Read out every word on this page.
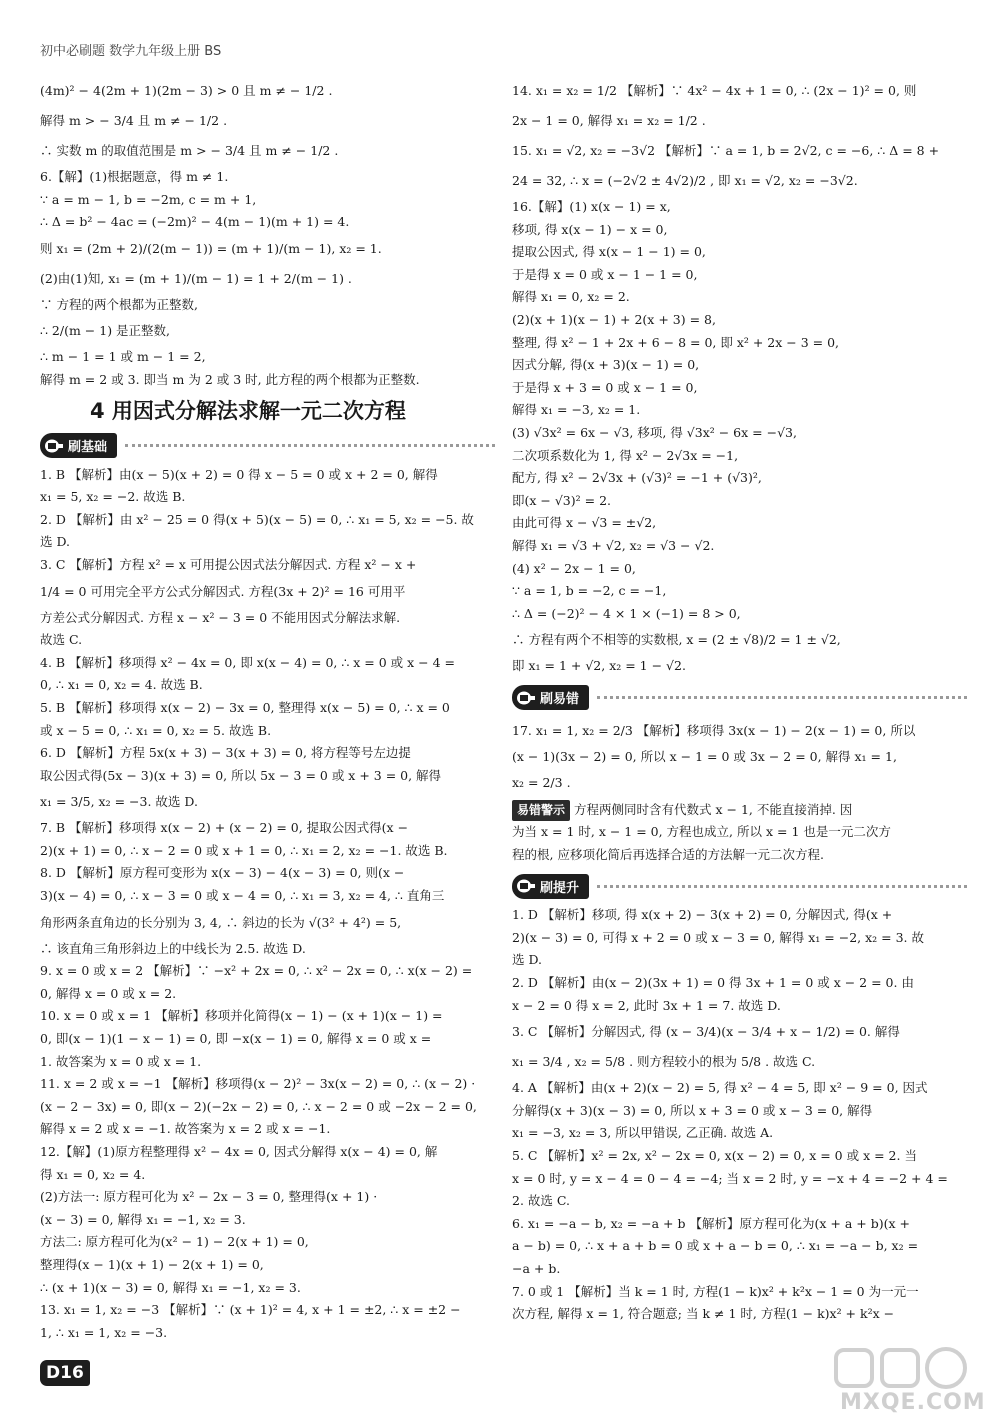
初中必刷题 数学九年级上册 BS
(4m)² − 4(2m + 1)(2m − 3) > 0 且 m ≠ − 1/2 .
解得 m > − 3/4 且 m ≠ − 1/2 .
∴ 实数 m 的取值范围是 m > − 3/4 且 m ≠ − 1/2 .
6.【解】(1)根据题意，得 m ≠ 1.
∵ a = m − 1, b = −2m, c = m + 1,
∴ Δ = b² − 4ac = (−2m)² − 4(m − 1)(m + 1) = 4.
则 x₁ = (2m + 2)/(2(m − 1)) = (m + 1)/(m − 1), x₂ = 1.
(2)由(1)知, x₁ = (m + 1)/(m − 1) = 1 + 2/(m − 1) .
∵ 方程的两个根都为正整数,
∴ 2/(m − 1) 是正整数,
∴ m − 1 = 1 或 m − 1 = 2,
解得 m = 2 或 3. 即当 m 为 2 或 3 时, 此方程的两个根都为正整数.
4 用因式分解法求解一元二次方程
刷基础
1. B 【解析】由(x − 5)(x + 2) = 0 得 x − 5 = 0 或 x + 2 = 0, 解得
x₁ = 5, x₂ = −2. 故选 B.
2. D 【解析】由 x² − 25 = 0 得(x + 5)(x − 5) = 0, ∴ x₁ = 5, x₂ = −5. 故
选 D.
3. C 【解析】方程 x² = x 可用提公因式法分解因式. 方程 x² − x +
1/4 = 0 可用完全平方公式分解因式. 方程(3x + 2)² = 16 可用平
方差公式分解因式. 方程 x − x² − 3 = 0 不能用因式分解法求解.
故选 C.
4. B 【解析】移项得 x² − 4x = 0, 即 x(x − 4) = 0, ∴ x = 0 或 x − 4 =
0, ∴ x₁ = 0, x₂ = 4. 故选 B.
5. B 【解析】移项得 x(x − 2) − 3x = 0, 整理得 x(x − 5) = 0, ∴ x = 0
或 x − 5 = 0, ∴ x₁ = 0, x₂ = 5. 故选 B.
6. D 【解析】方程 5x(x + 3) − 3(x + 3) = 0, 将方程等号左边提
取公因式得(5x − 3)(x + 3) = 0, 所以 5x − 3 = 0 或 x + 3 = 0, 解得
x₁ = 3/5, x₂ = −3. 故选 D.
7. B 【解析】移项得 x(x − 2) + (x − 2) = 0, 提取公因式得(x −
2)(x + 1) = 0, ∴ x − 2 = 0 或 x + 1 = 0, ∴ x₁ = 2, x₂ = −1. 故选 B.
8. D 【解析】原方程可变形为 x(x − 3) − 4(x − 3) = 0, 则(x −
3)(x − 4) = 0, ∴ x − 3 = 0 或 x − 4 = 0, ∴ x₁ = 3, x₂ = 4, ∴ 直角三
角形两条直角边的长分别为 3, 4, ∴ 斜边的长为 √(3² + 4²) = 5,
∴ 该直角三角形斜边上的中线长为 2.5. 故选 D.
9. x = 0 或 x = 2 【解析】∵ −x² + 2x = 0, ∴ x² − 2x = 0, ∴ x(x − 2) =
0, 解得 x = 0 或 x = 2.
10. x = 0 或 x = 1 【解析】移项并化简得(x − 1) − (x + 1)(x − 1) =
0, 即(x − 1)(1 − x − 1) = 0, 即 −x(x − 1) = 0, 解得 x = 0 或 x =
1. 故答案为 x = 0 或 x = 1.
11. x = 2 或 x = −1 【解析】移项得(x − 2)² − 3x(x − 2) = 0, ∴ (x − 2) ·
(x − 2 − 3x) = 0, 即(x − 2)(−2x − 2) = 0, ∴ x − 2 = 0 或 −2x − 2 = 0,
解得 x = 2 或 x = −1. 故答案为 x = 2 或 x = −1.
12.【解】(1)原方程整理得 x² − 4x = 0, 因式分解得 x(x − 4) = 0, 解
得 x₁ = 0, x₂ = 4.
(2)方法一: 原方程可化为 x² − 2x − 3 = 0, 整理得(x + 1) ·
(x − 3) = 0, 解得 x₁ = −1, x₂ = 3.
方法二: 原方程可化为(x² − 1) − 2(x + 1) = 0,
整理得(x − 1)(x + 1) − 2(x + 1) = 0,
∴ (x + 1)(x − 3) = 0, 解得 x₁ = −1, x₂ = 3.
13. x₁ = 1, x₂ = −3 【解析】∵ (x + 1)² = 4, x + 1 = ±2, ∴ x = ±2 −
1, ∴ x₁ = 1, x₂ = −3.
14. x₁ = x₂ = 1/2 【解析】∵ 4x² − 4x + 1 = 0, ∴ (2x − 1)² = 0, 则
2x − 1 = 0, 解得 x₁ = x₂ = 1/2 .
15. x₁ = √2, x₂ = −3√2 【解析】∵ a = 1, b = 2√2, c = −6, ∴ Δ = 8 +
24 = 32, ∴ x = (−2√2 ± 4√2)/2 , 即 x₁ = √2, x₂ = −3√2.
16.【解】(1) x(x − 1) = x,
移项, 得 x(x − 1) − x = 0,
提取公因式, 得 x(x − 1 − 1) = 0,
于是得 x = 0 或 x − 1 − 1 = 0,
解得 x₁ = 0, x₂ = 2.
(2)(x + 1)(x − 1) + 2(x + 3) = 8,
整理, 得 x² − 1 + 2x + 6 − 8 = 0, 即 x² + 2x − 3 = 0,
因式分解, 得(x + 3)(x − 1) = 0,
于是得 x + 3 = 0 或 x − 1 = 0,
解得 x₁ = −3, x₂ = 1.
(3) √3x² = 6x − √3, 移项, 得 √3x² − 6x = −√3,
二次项系数化为 1, 得 x² − 2√3x = −1,
配方, 得 x² − 2√3x + (√3)² = −1 + (√3)²,
即(x − √3)² = 2.
由此可得 x − √3 = ±√2,
解得 x₁ = √3 + √2, x₂ = √3 − √2.
(4) x² − 2x − 1 = 0,
∵ a = 1, b = −2, c = −1,
∴ Δ = (−2)² − 4 × 1 × (−1) = 8 > 0,
∴ 方程有两个不相等的实数根, x = (2 ± √8)/2 = 1 ± √2,
即 x₁ = 1 + √2, x₂ = 1 − √2.
刷易错
17. x₁ = 1, x₂ = 2/3 【解析】移项得 3x(x − 1) − 2(x − 1) = 0, 所以
(x − 1)(3x − 2) = 0, 所以 x − 1 = 0 或 3x − 2 = 0, 解得 x₁ = 1,
x₂ = 2/3 .
易错警示 方程两侧同时含有代数式 x − 1, 不能直接消掉. 因
为当 x = 1 时, x − 1 = 0, 方程也成立, 所以 x = 1 也是一元二次方
程的根, 应移项化简后再选择合适的方法解一元二次方程.
刷提升
1. D 【解析】移项, 得 x(x + 2) − 3(x + 2) = 0, 分解因式, 得(x +
2)(x − 3) = 0, 可得 x + 2 = 0 或 x − 3 = 0, 解得 x₁ = −2, x₂ = 3. 故
选 D.
2. D 【解析】由(x − 2)(3x + 1) = 0 得 3x + 1 = 0 或 x − 2 = 0. 由
x − 2 = 0 得 x = 2, 此时 3x + 1 = 7. 故选 D.
3. C 【解析】分解因式, 得 (x − 3/4)(x − 3/4 + x − 1/2) = 0. 解得
x₁ = 3/4 , x₂ = 5/8 . 则方程较小的根为 5/8 . 故选 C.
4. A 【解析】由(x + 2)(x − 2) = 5, 得 x² − 4 = 5, 即 x² − 9 = 0, 因式
分解得(x + 3)(x − 3) = 0, 所以 x + 3 = 0 或 x − 3 = 0, 解得
x₁ = −3, x₂ = 3, 所以甲错误, 乙正确. 故选 A.
5. C 【解析】x² = 2x, x² − 2x = 0, x(x − 2) = 0, x = 0 或 x = 2. 当
x = 0 时, y = x − 4 = 0 − 4 = −4; 当 x = 2 时, y = −x + 4 = −2 + 4 =
2. 故选 C.
6. x₁ = −a − b, x₂ = −a + b 【解析】原方程可化为(x + a + b)(x +
a − b) = 0, ∴ x + a + b = 0 或 x + a − b = 0, ∴ x₁ = −a − b, x₂ =
−a + b.
7. 0 或 1 【解析】当 k = 1 时, 方程(1 − k)x² + k²x − 1 = 0 为一元一
次方程, 解得 x = 1, 符合题意; 当 k ≠ 1 时, 方程(1 − k)x² + k²x −
D16
MXQE.COM
